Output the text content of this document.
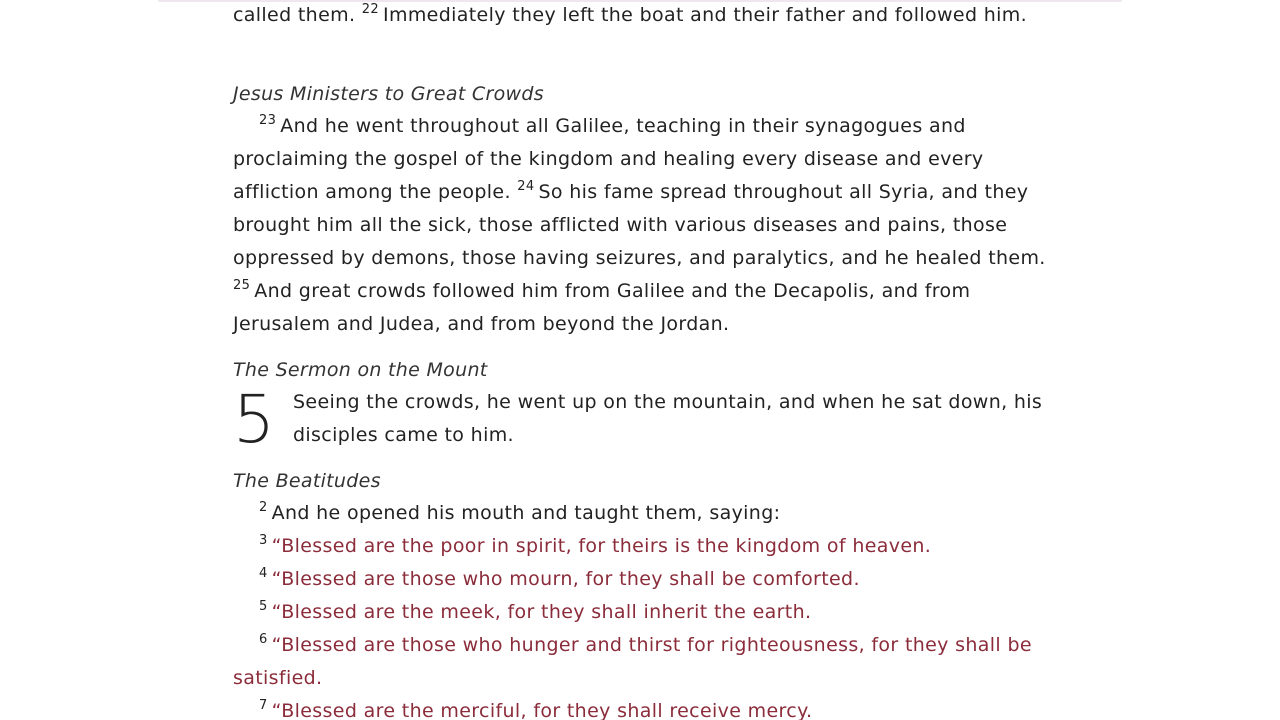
called them. $^{22}$ Immediately they left the boat and their father and followed him.

Jesus Ministers to Great Crowds

$^{23}$ And he went throughout all Galilee, teaching in their synagogues and proclaiming the gospel of the kingdom and healing every disease and every affliction among the people. $^{24}$ So his fame spread throughout all Syria, and they brought him all the sick, those afflicted with various diseases and pains, those oppressed by demons, those having seizures, and paralytics, and he healed them. $^{25}$ And great crowds followed him from Galilee and the Decapolis, and from Jerusalem and Judea, and from beyond the Jordan.

The Sermon on the Mount
5 Seeing the crowds, he went up on the mountain, and when he sat down, his disciples came to him.
The Beatitudes

$^2$ And he opened his mouth and taught them, saying:

$^3$ “Blessed are the poor in spirit, for theirs is the kingdom of heaven.

$^4$ “Blessed are those who mourn, for they shall be comforted.

$^5$ “Blessed are the meek, for they shall inherit the earth.

$^6$ “Blessed are those who hunger and thirst for righteousness, for they shall be satisfied.

$^7$ “Blessed are the merciful, for they shall receive mercy.
